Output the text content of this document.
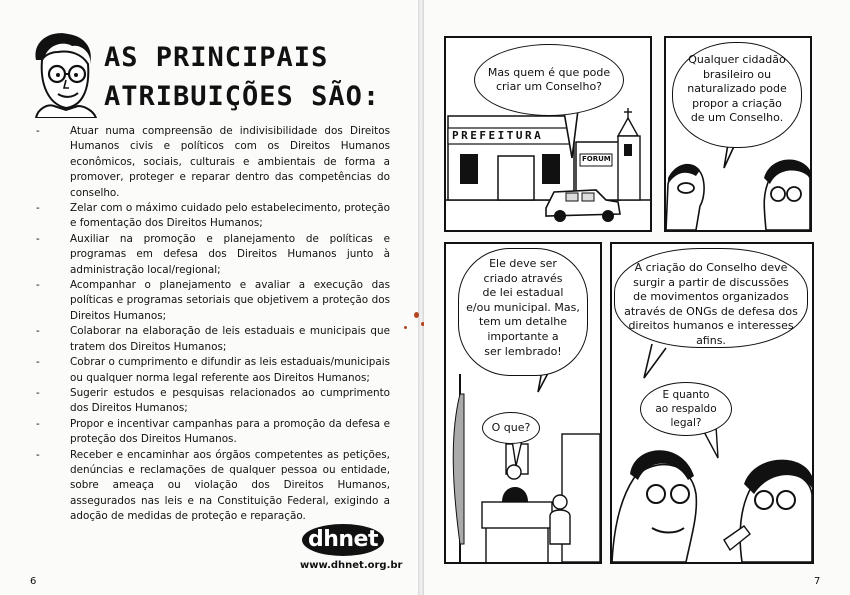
AS PRINCIPAIS
ATRIBUIÇÕES SÃO:
- Atuar numa compreensão de indivisibilidade dos Direitos Humanos civis e políticos com os Direitos Humanos econômicos, sociais, culturais e ambientais de forma a promover, proteger e reparar dentro das competências do conselho.
- Zelar com o máximo cuidado pelo estabelecimento, proteção e fomentação dos Direitos Humanos;
- Auxiliar na promoção e planejamento de políticas e programas em defesa dos Direitos Humanos junto à administração local/regional;
- Acompanhar o planejamento e avaliar a execução das políticas e programas setoriais que objetivem a proteção dos Direitos Humanos;
- Colaborar na elaboração de leis estaduais e municipais que tratem dos Direitos Humanos;
- Cobrar o cumprimento e difundir as leis estaduais/municipais ou qualquer norma legal referente aos Direitos Humanos;
- Sugerir estudos e pesquisas relacionados ao cumprimento dos Direitos Humanos;
- Propor e incentivar campanhas para a promoção da defesa e proteção dos Direitos Humanos.
- Receber e encaminhar aos órgãos competentes as petições, denúncias e reclamações de qualquer pessoa ou entidade, sobre ameaça ou violação dos Direitos Humanos, assegurados nas leis e na Constituição Federal, exigindo a adoção de medidas de proteção e reparação.
dhnet
www.dhnet.org.br
6
PREFEITURA
FORUM
Mas quem é que pode
criar um Conselho?
Qualquer cidadão
brasileiro ou
naturalizado pode
propor a criação
de um Conselho.
Ele deve ser
criado através
de lei estadual
e/ou municipal. Mas,
tem um detalhe
importante a
ser lembrado!
O que?
A criação do Conselho deve
surgir a partir de discussões
de movimentos organizados
através de ONGs de defesa dos
direitos humanos e interesses
afins.
E quanto
ao respaldo
legal?
7
